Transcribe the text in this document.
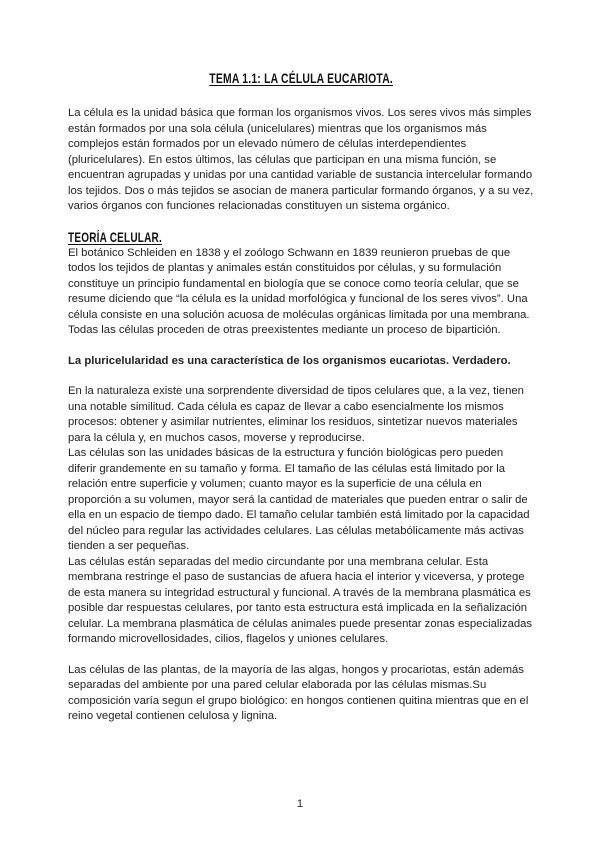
TEMA 1.1: LA CÉLULA EUCARIOTA.

La célula es la unidad básica que forman los organismos vivos. Los seres vivos más simples están formados por una sola célula (unicelulares) mientras que los organismos más complejos están formados por un elevado número de células interdependientes (pluricelulares). En estos últimos, las células que participan en una misma función, se encuentran agrupadas y unidas por una cantidad variable de sustancia intercelular formando los tejidos. Dos o más tejidos se asocian de manera particular formando órganos, y a su vez, varios órganos con funciones relacionadas constituyen un sistema orgánico.

TEORÍA CELULAR.

El botánico Schleiden en 1838 y el zoólogo Schwann en 1839 reunieron pruebas de que todos los tejidos de plantas y animales están constituidos por células, y su formulación constituye un principio fundamental en biología que se conoce como teoría celular, que se resume diciendo que “la célula es la unidad morfológica y funcional de los seres vivos”. Una célula consiste en una solución acuosa de moléculas orgánicas limitada por una membrana. Todas las células proceden de otras preexistentes mediante un proceso de bipartición.

La pluricelularidad es una característica de los organismos eucariotas. Verdadero.

En la naturaleza existe una sorprendente diversidad de tipos celulares que, a la vez, tienen una notable similitud. Cada célula es capaz de llevar a cabo esencialmente los mismos procesos: obtener y asimilar nutrientes, eliminar los residuos, sintetizar nuevos materiales para la célula y, en muchos casos, moverse y reproducirse.

Las células son las unidades básicas de la estructura y función biológicas pero pueden diferir grandemente en su tamaño y forma. El tamaño de las células está limitado por la relación entre superficie y volumen; cuanto mayor es la superficie de una célula en proporción a su volumen, mayor será la cantidad de materiales que pueden entrar o salir de ella en un espacio de tiempo dado. El tamaño celular también está limitado por la capacidad del núcleo para regular las actividades celulares. Las células metabólicamente más activas tienden a ser pequeñas.

Las células están separadas del medio circundante por una membrana celular. Esta membrana restringe el paso de sustancias de afuera hacia el interior y viceversa, y protege de esta manera su integridad estructural y funcional. A través de la membrana plasmática es posible dar respuestas celulares, por tanto esta estructura está implicada en la señalización celular. La membrana plasmática de células animales puede presentar zonas especializadas formando microvellosidades, cilios, flagelos y uniones celulares.

Las células de las plantas, de la mayoría de las algas, hongos y procariotas, están además separadas del ambiente por una pared celular elaborada por las células mismas.Su composición varía segun el grupo biológico: en hongos contienen quitina mientras que en el reino vegetal contienen celulosa y lignina.

1
